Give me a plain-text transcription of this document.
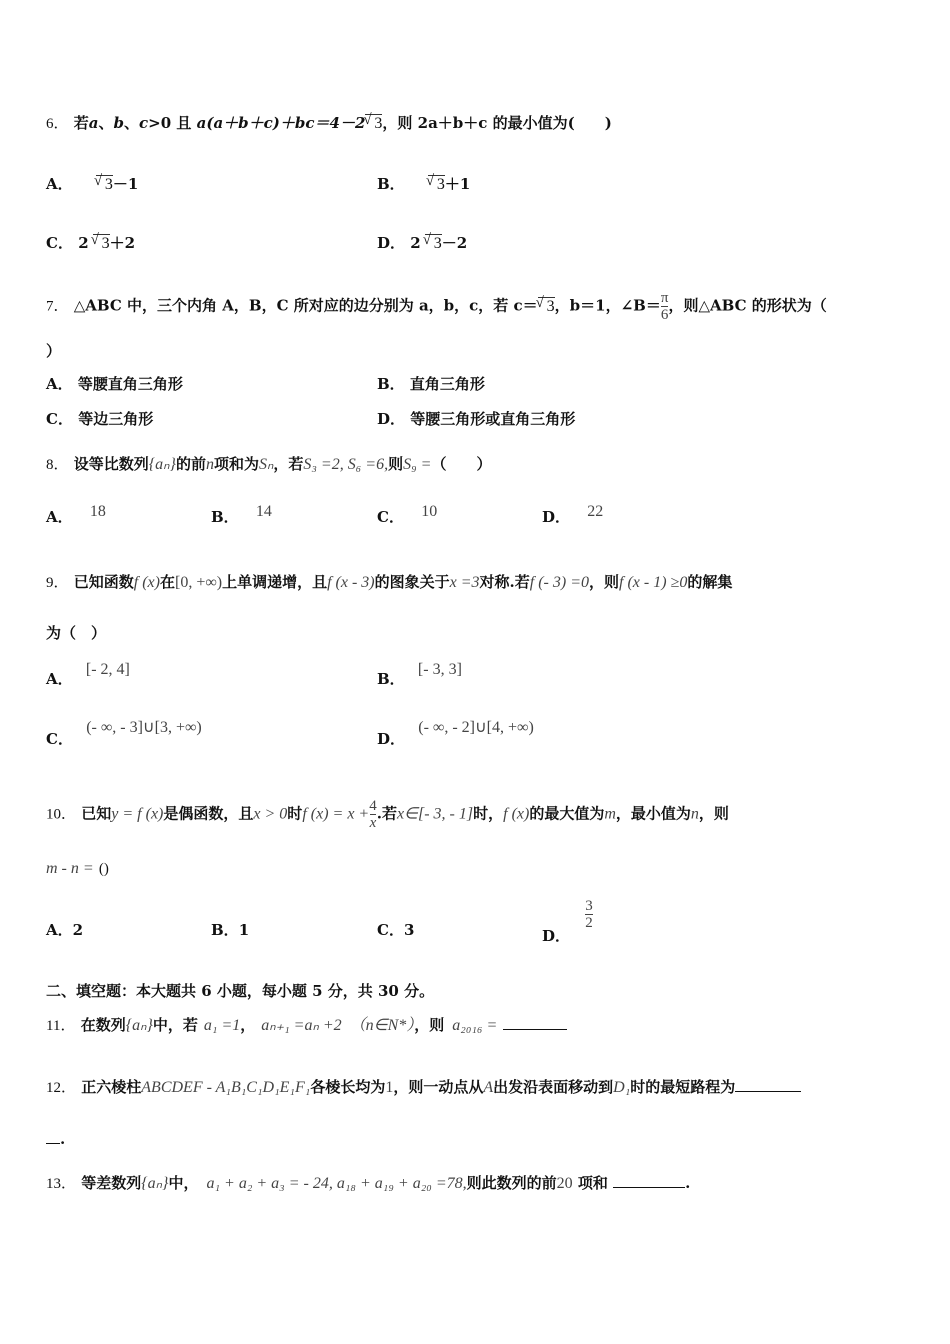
6． 若a、b、c>0 且 a(a＋b＋c)＋bc＝4－2 √ 3，则 2a＋b＋c 的最小值为(　　)
A． √ 3－1	B． √ 3＋1
C． 2 √ 3＋2	D． 2 √ 3－2
7． △ABC 中，三个内角 A，B，C 所对应的边分别为 a，b，c，若 c＝ √ 3，b＝1，∠B＝ $\frac{\pi}{6}$ ，则△ABC 的形状为（
）
A． 等腰直角三角形	B． 直角三角形
C． 等边三角形	D． 等腰三角形或直角三角形
8． 设等比数列{aₙ}的前n项和为Sₙ，若S₃ =2, S₆ =6,则S₉ =（　　）
A． 18	B． 14	C． 10	D． 22
9． 已知函数f (x)在[0, +∞)上单调递增，且f (x - 3)的图象关于x =3对称.若f (- 3) =0，则f (x - 1) ≥0的解集
为（　）
A． [- 2, 4]
B． [- 3, 3]
C． (- ∞, - 3]∪[3, +∞)
D． (- ∞, - 2]∪[4, +∞)
10． 已知y = f (x)是偶函数，且x > 0时f $(x) = x + \frac{4}{x}$ .若x∈[- 3, - 1]时，f (x)的最大值为m，最小值为n，则
m - n = ()
A．2	B．1	C．3	D．
$\frac{3}{2}$
二、填空题：本大题共 6 小题，每小题 5 分，共 30 分。
11． 在数列{aₙ}中，若 a₁ =1， aₙ₊₁ =aₙ +2 （n∈N*），则 a₂₀₁₆ =
12． 正六棱柱ABCDEF - A₁B₁C₁D₁E₁F₁各棱长均为1，则一动点从A出发沿表面移动到D₁时的最短路程为
.
13． 等差数列{aₙ}中， a₁ + a₂ + a₃ = - 24, a₁₈ + a₁₉ + a₂₀ =78,则此数列的前20 项和	.
